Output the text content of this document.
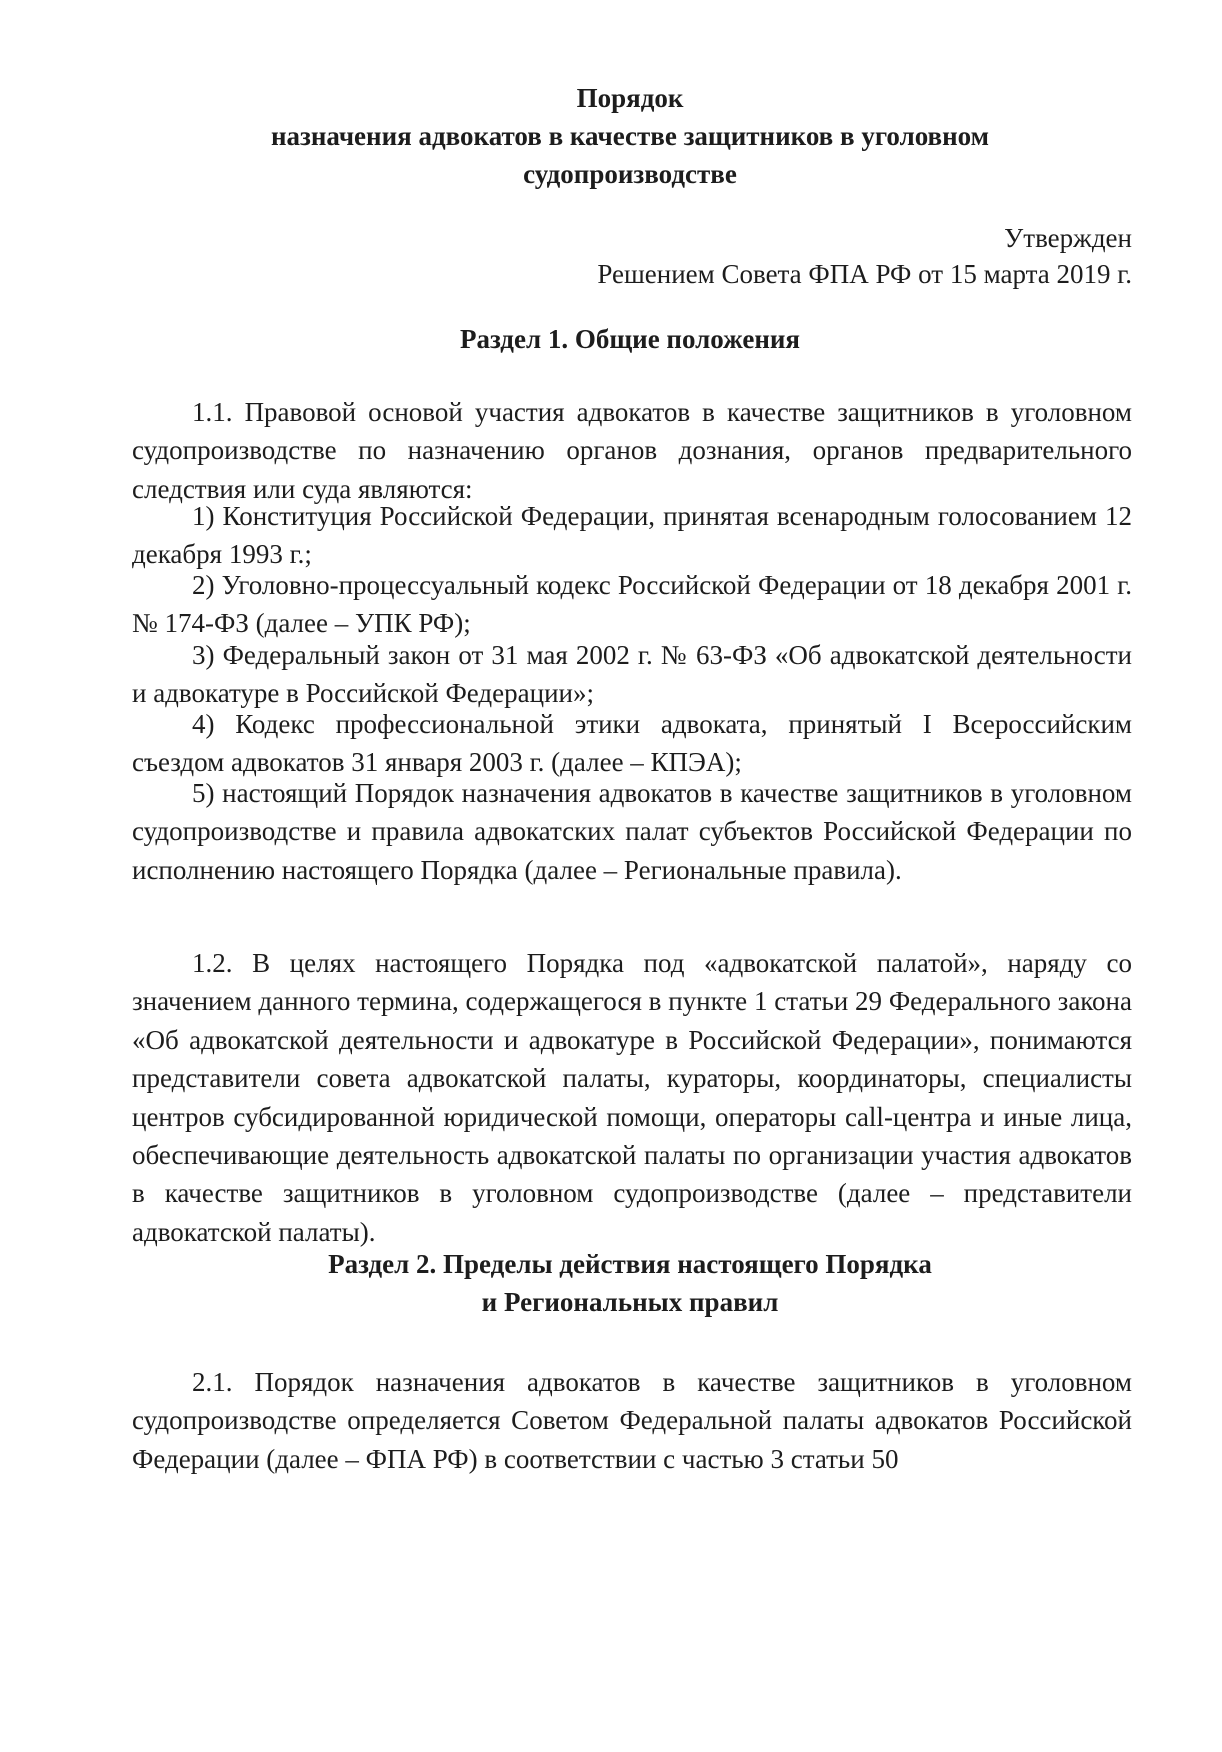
Порядок
назначения адвокатов в качестве защитников в уголовном
судопроизводстве
Утвержден
Решением Совета ФПА РФ от 15 марта 2019 г.
Раздел 1. Общие положения

1.1. Правовой основой участия адвокатов в качестве защитников в уголовном судопроизводстве по назначению органов дознания, органов предварительного следствия или суда являются:

1) Конституция Российской Федерации, принятая всенародным голосованием 12 декабря 1993 г.;

2) Уголовно-процессуальный кодекс Российской Федерации от 18 декабря 2001 г. № 174-ФЗ (далее – УПК РФ);

3) Федеральный закон от 31 мая 2002 г. № 63-ФЗ «Об адвокатской деятельности и адвокатуре в Российской Федерации»;

4) Кодекс профессиональной этики адвоката, принятый I Всероссийским съездом адвокатов 31 января 2003 г. (далее – КПЭА);

5) настоящий Порядок назначения адвокатов в качестве защитников в уголовном судопроизводстве и правила адвокатских палат субъектов Российской Федерации по исполнению настоящего Порядка (далее – Региональные правила).

1.2. В целях настоящего Порядка под «адвокатской палатой», наряду со значением данного термина, содержащегося в пункте 1 статьи 29 Федерального закона «Об адвокатской деятельности и адвокатуре в Российской Федерации», понимаются представители совета адвокатской палаты, кураторы, координаторы, специалисты центров субсидированной юридической помощи, операторы call-центра и иные лица, обеспечивающие деятельность адвокатской палаты по организации участия адвокатов в качестве защитников в уголовном судопроизводстве (далее – представители адвокатской палаты).

Раздел 2. Пределы действия настоящего Порядка
и Региональных правил

2.1. Порядок назначения адвокатов в качестве защитников в уголовном судопроизводстве определяется Советом Федеральной палаты адвокатов Российской Федерации (далее – ФПА РФ) в соответствии с частью 3 статьи 50
